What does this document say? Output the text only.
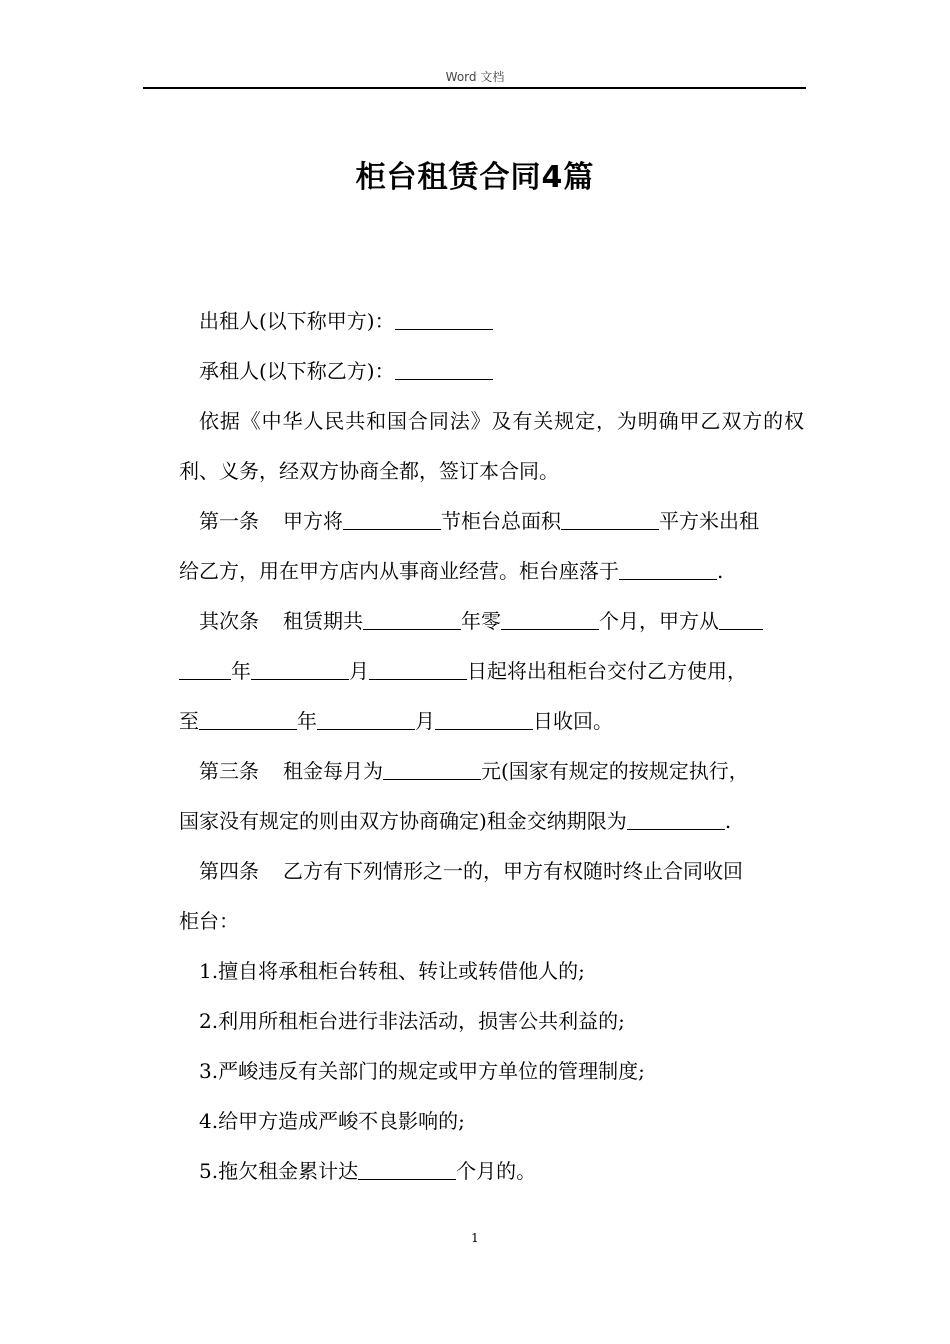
Word 文档
柜台租赁合同4篇
出租人(以下称甲方)：
承租人(以下称乙方)：
依据《中华人民共和国合同法》及有关规定，为明确甲乙双方的权利、义务，经双方协商全都，签订本合同。
第一条 甲方将	节柜台总面积	平方米出租
给乙方，用在甲方店内从事商业经营。柜台座落于	.
其次条 租赁期共	年零	个月，甲方从
年	月	日起将出租柜台交付乙方使用，
至	年	月	日收回。
第三条 租金每月为	元(国家有规定的按规定执行，
国家没有规定的则由双方协商确定)租金交纳期限为	.
第四条 乙方有下列情形之一的，甲方有权随时终止合同收回
柜台：
1.擅自将承租柜台转租、转让或转借他人的;
2.利用所租柜台进行非法活动，损害公共利益的;
3.严峻违反有关部门的规定或甲方单位的管理制度;
4.给甲方造成严峻不良影响的;
5.拖欠租金累计达	个月的。
1
